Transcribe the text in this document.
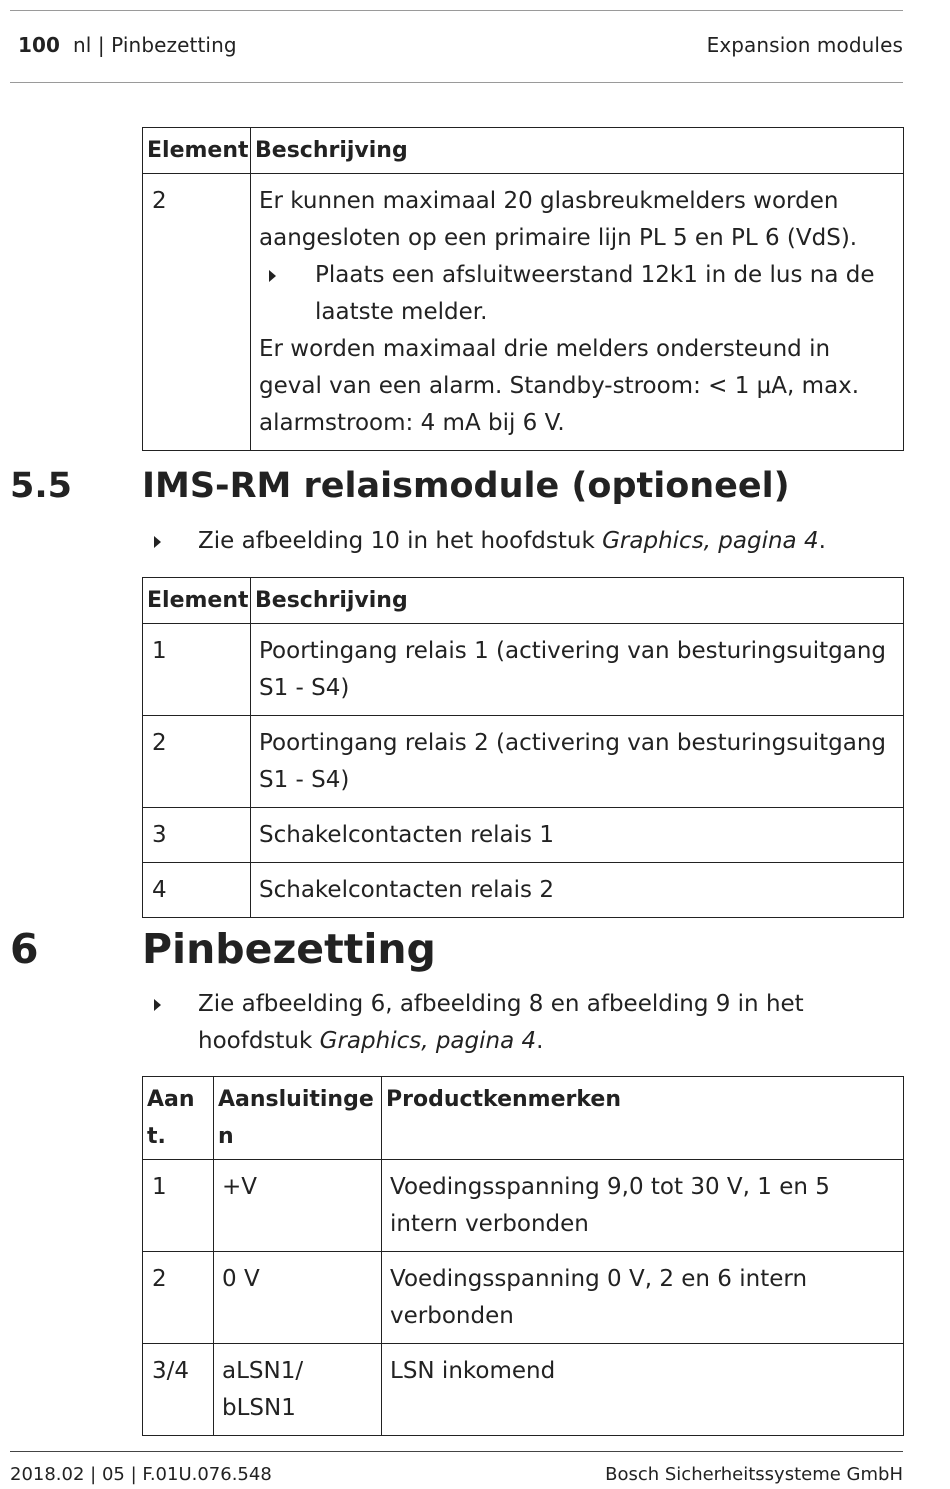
100 nl | Pinbezetting	Expansion modules
Element	Beschrijving
2	Er kunnen maximaal 20 glasbreukmelders worden aangesloten op een primaire lijn PL 5 en PL 6 (VdS).
Plaats een afsluitweerstand 12k1 in de lus na de laatste melder.
Er worden maximaal drie melders ondersteund in geval van een alarm. Standby-stroom: < 1 µA, max. alarmstroom: 4 mA bij 6 V.
5.5 IMS-RM relaismodule (optioneel)
Zie afbeelding 10 in het hoofdstuk Graphics, pagina 4.
Element	Beschrijving
1	Poortingang relais 1 (activering van besturingsuitgang S1 - S4)
2	Poortingang relais 2 (activering van besturingsuitgang S1 - S4)
3	Schakelcontacten relais 1
4	Schakelcontacten relais 2
6	Pinbezetting
Zie afbeelding 6, afbeelding 8 en afbeelding 9 in het hoofdstuk Graphics, pagina 4.
Aant.	Aansluitinge n	Productkenmerken
1	+V	Voedingsspanning 9,0 tot 30 V, 1 en 5 intern verbonden
2	0 V	Voedingsspanning 0 V, 2 en 6 intern verbonden
3/4	aLSN1/ bLSN1	LSN inkomend
2018.02 | 05 | F.01U.076.548	Bosch Sicherheitssysteme GmbH
